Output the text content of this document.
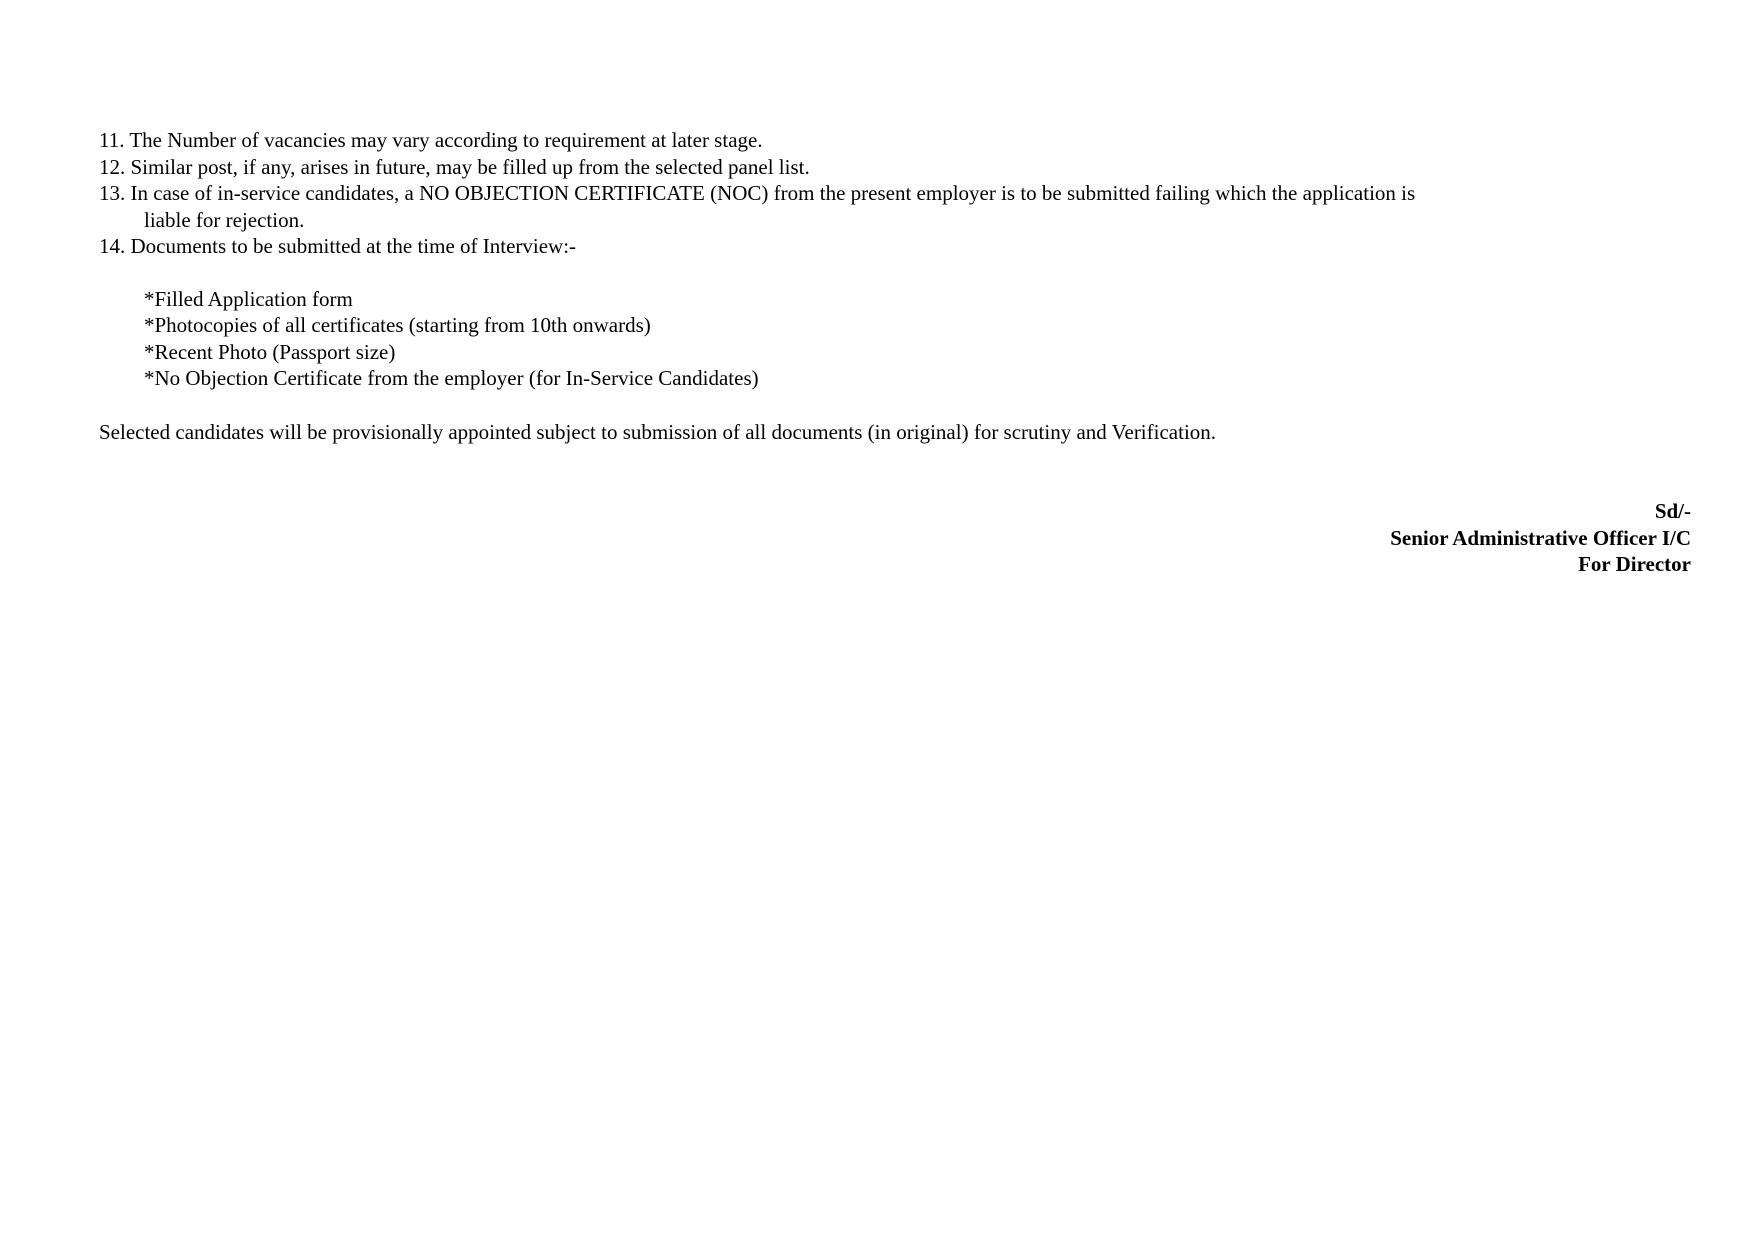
11. The Number of vacancies may vary according to requirement at later stage.
12. Similar post, if any, arises in future, may be filled up from the selected panel list.
13. In case of in-service candidates, a NO OBJECTION CERTIFICATE (NOC) from the present employer is to be submitted failing which the application is
liable for rejection.
14. Documents to be submitted at the time of Interview:-
*Filled Application form
*Photocopies of all certificates (starting from 10th onwards)
*Recent Photo (Passport size)
*No Objection Certificate from the employer (for In-Service Candidates)
Selected candidates will be provisionally appointed subject to submission of all documents (in original) for scrutiny and Verification.
Sd/-
Senior Administrative Officer I/C
For Director
